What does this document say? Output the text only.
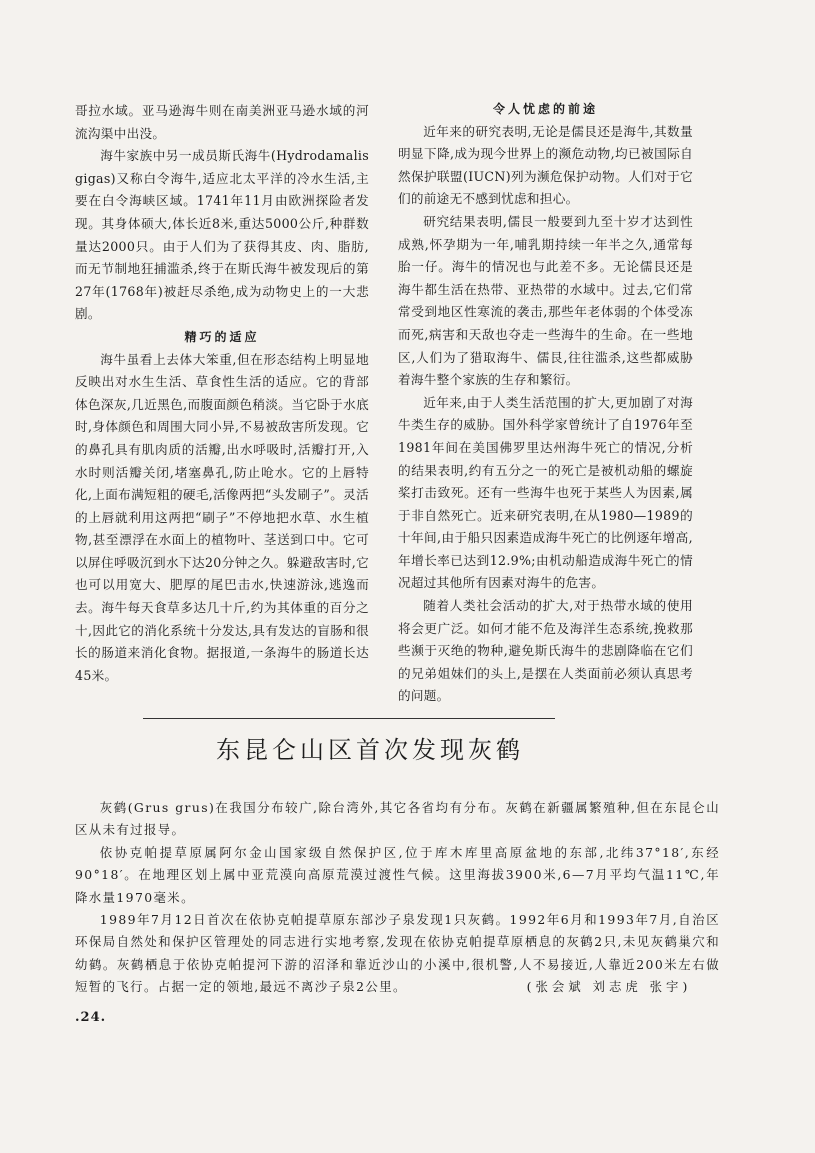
哥拉水域。亚马逊海牛则在南美洲亚马逊水域的河流沟渠中出没。

海牛家族中另一成员斯氏海牛(Hydrodamalis gigas)又称白令海牛,适应北太平洋的冷水生活,主要在白令海峡区域。1741年11月由欧洲探险者发现。其身体硕大,体长近8米,重达5000公斤,种群数量达2000只。由于人们为了获得其皮、肉、脂肪,而无节制地狂捕滥杀,终于在斯氏海牛被发现后的第27年(1768年)被赶尽杀绝,成为动物史上的一大悲剧。

精巧的适应

海牛虽看上去体大笨重,但在形态结构上明显地反映出对水生生活、草食性生活的适应。它的背部体色深灰,几近黑色,而腹面颜色稍淡。当它卧于水底时,身体颜色和周围大同小异,不易被敌害所发现。它的鼻孔具有肌肉质的活瓣,出水呼吸时,活瓣打开,入水时则活瓣关闭,堵塞鼻孔,防止呛水。它的上唇特化,上面布满短粗的硬毛,活像两把“头发刷子”。灵活的上唇就利用这两把“刷子”不停地把水草、水生植物,甚至漂浮在水面上的植物叶、茎送到口中。它可以屏住呼吸沉到水下达20分钟之久。躲避敌害时,它也可以用宽大、肥厚的尾巴击水,快速游泳,逃逸而去。海牛每天食草多达几十斤,约为其体重的百分之十,因此它的消化系统十分发达,具有发达的盲肠和很长的肠道来消化食物。据报道,一条海牛的肠道长达45米。

令人忧虑的前途

近年来的研究表明,无论是儒艮还是海牛,其数量明显下降,成为现今世界上的濒危动物,均已被国际自然保护联盟(IUCN)列为濒危保护动物。人们对于它们的前途无不感到忧虑和担心。

研究结果表明,儒艮一般要到九至十岁才达到性成熟,怀孕期为一年,哺乳期持续一年半之久,通常每胎一仔。海牛的情况也与此差不多。无论儒艮还是海牛都生活在热带、亚热带的水域中。过去,它们常常受到地区性寒流的袭击,那些年老体弱的个体受冻而死,病害和天敌也夺走一些海牛的生命。在一些地区,人们为了猎取海牛、儒艮,往往滥杀,这些都威胁着海牛整个家族的生存和繁衍。

近年来,由于人类生活范围的扩大,更加剧了对海牛类生存的威胁。国外科学家曾统计了自1976年至1981年间在美国佛罗里达州海牛死亡的情况,分析的结果表明,约有五分之一的死亡是被机动船的螺旋桨打击致死。还有一些海牛也死于某些人为因素,属于非自然死亡。近来研究表明,在从1980—1989的十年间,由于船只因素造成海牛死亡的比例逐年增高,年增长率已达到12.9%;由机动船造成海牛死亡的情况超过其他所有因素对海牛的危害。

随着人类社会活动的扩大,对于热带水域的使用将会更广泛。如何才能不危及海洋生态系统,挽救那些濒于灭绝的物种,避免斯氏海牛的悲剧降临在它们的兄弟姐妹们的头上,是摆在人类面前必须认真思考的问题。

东昆仑山区首次发现灰鹤

灰鹤(Grus grus)在我国分布较广,除台湾外,其它各省均有分布。灰鹤在新疆属繁殖种,但在东昆仑山区从未有过报导。

依协克帕提草原属阿尔金山国家级自然保护区,位于库木库里高原盆地的东部,北纬37°18′,东经90°18′。在地理区划上属中亚荒漠向高原荒漠过渡性气候。这里海拔3900米,6—7月平均气温11℃,年降水量1970毫米。

1989年7月12日首次在依协克帕提草原东部沙子泉发现1只灰鹤。1992年6月和1993年7月,自治区环保局自然处和保护区管理处的同志进行实地考察,发现在依协克帕提草原栖息的灰鹤2只,未见灰鹤巢穴和幼鹤。灰鹤栖息于依协克帕提河下游的沼泽和靠近沙山的小溪中,很机警,人不易接近,人靠近200米左右做短暂的飞行。占据一定的领地,最远不离沙子泉2公里。	(张会斌 刘志虎 张宇)

.24.
